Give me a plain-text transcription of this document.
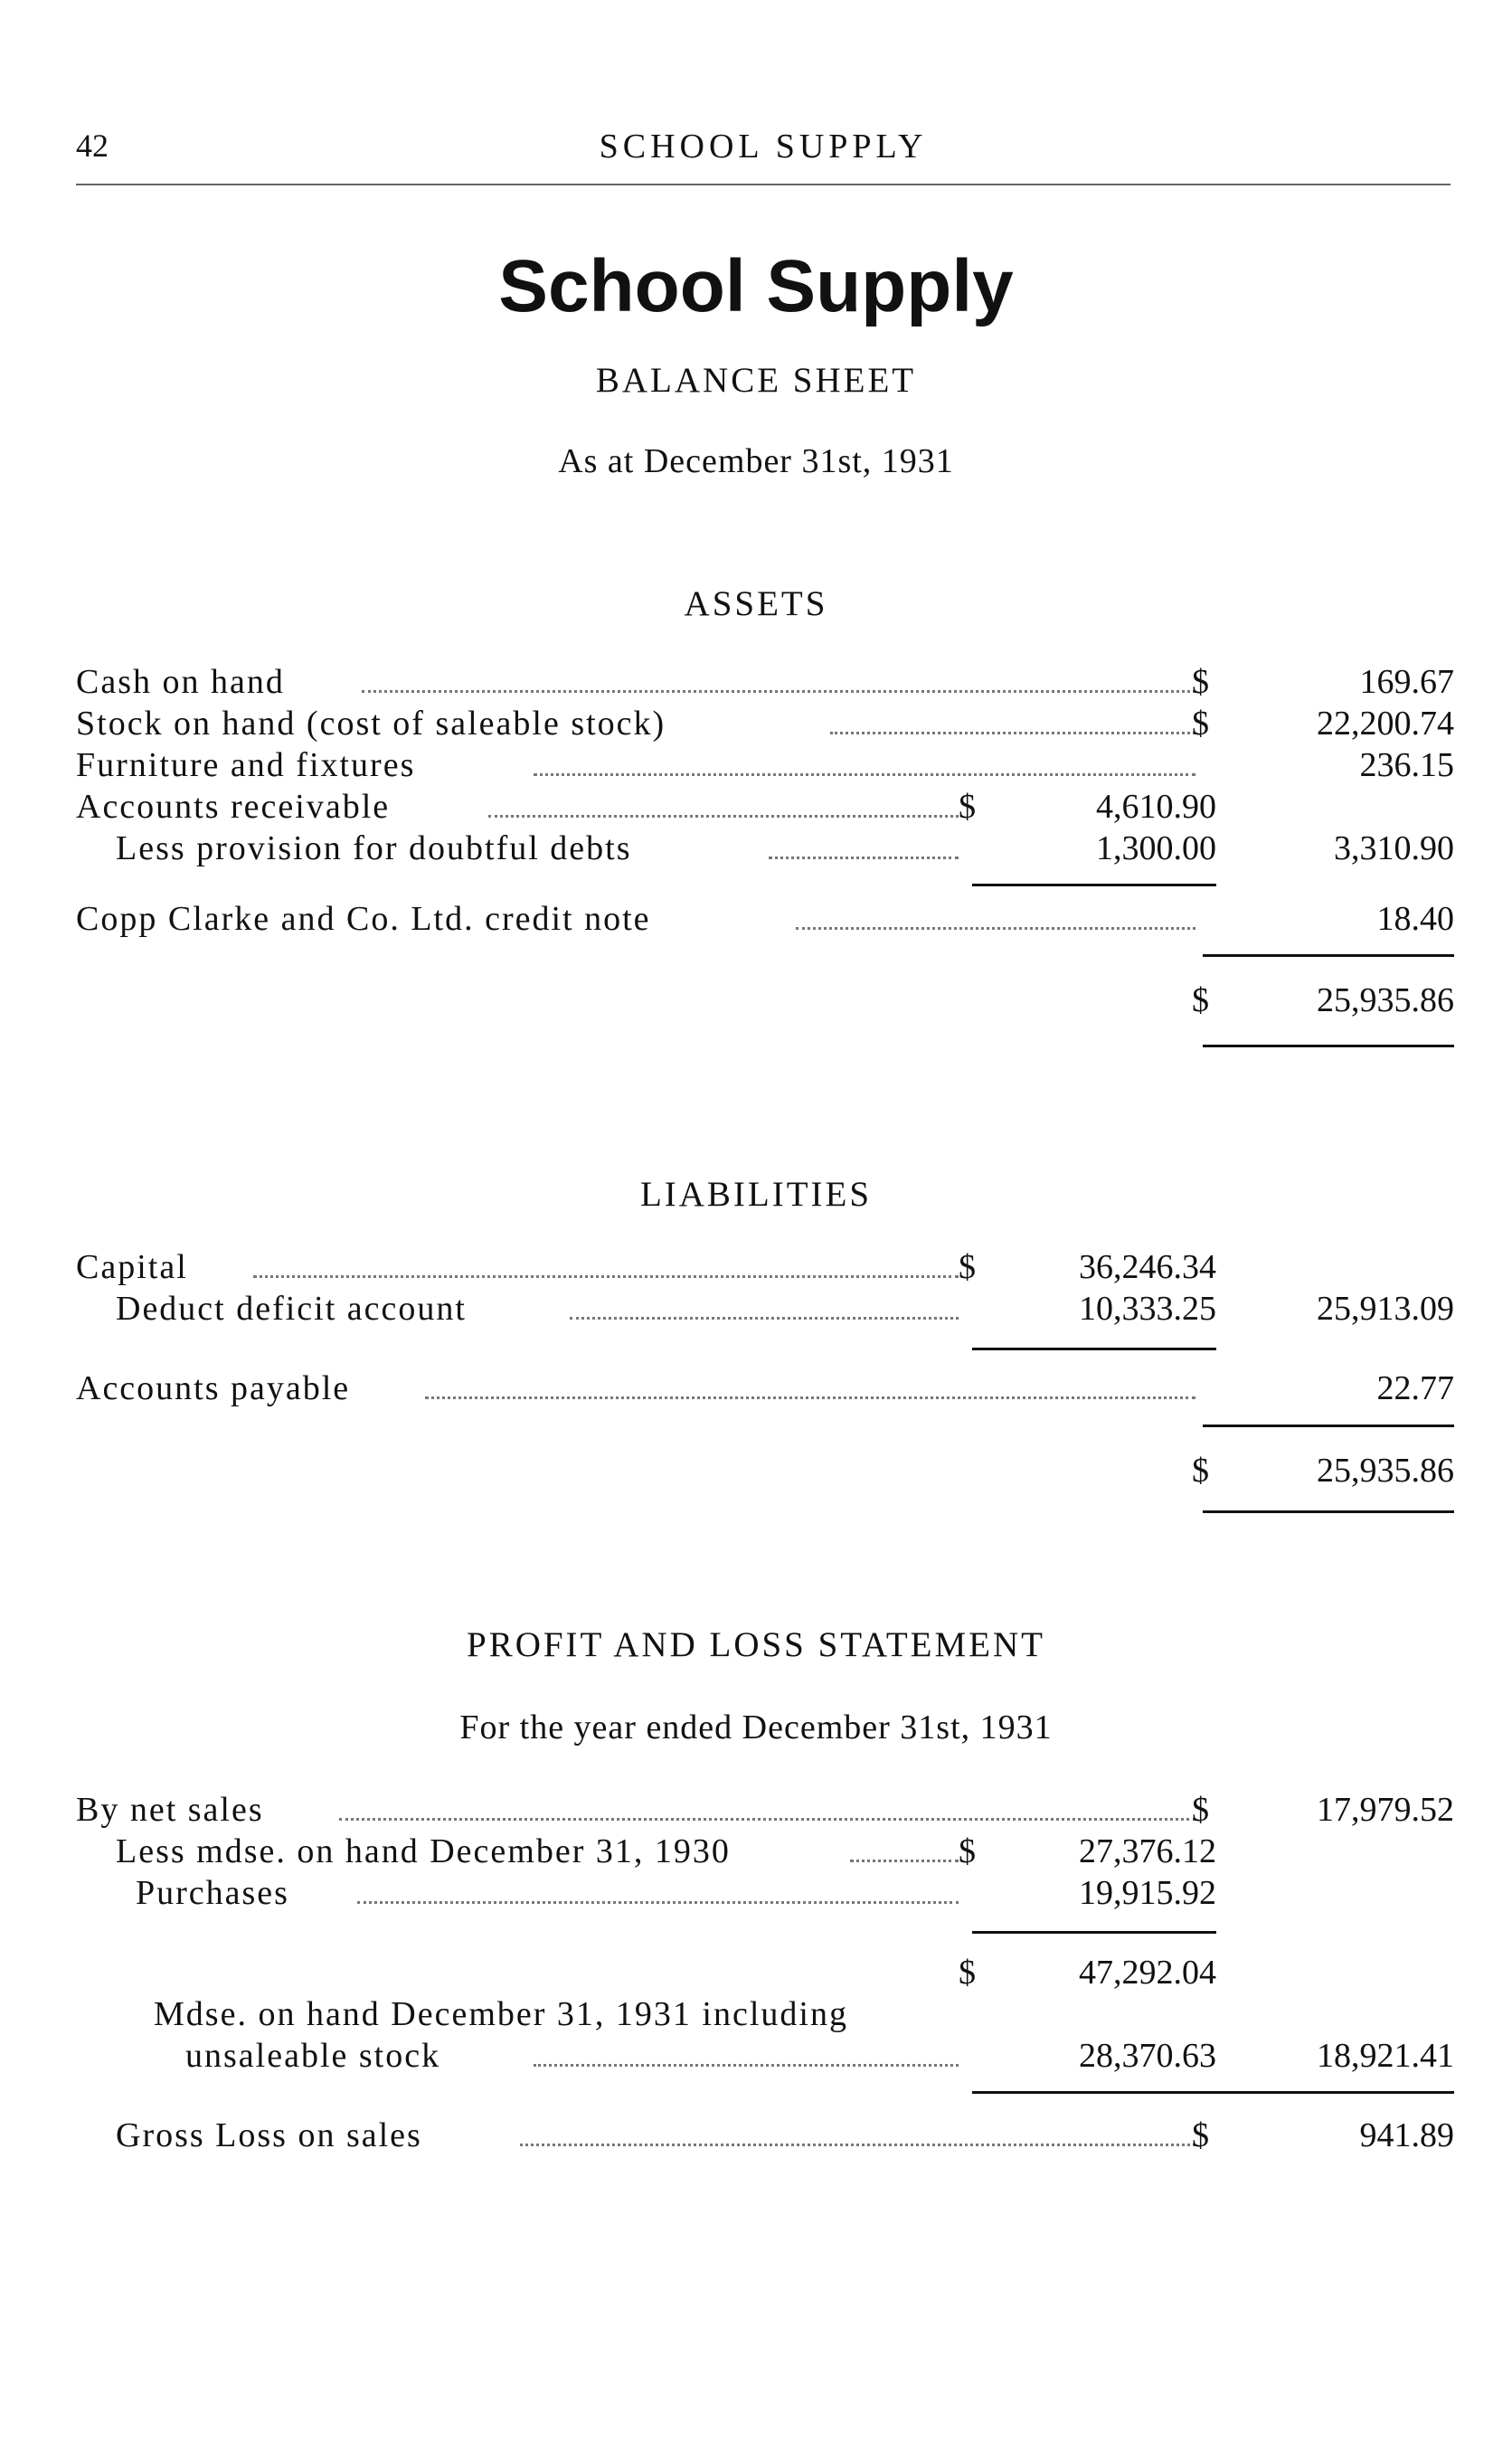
42	SCHOOL SUPPLY
School Supply
BALANCE SHEET
As at December 31st, 1931
ASSETS
Cash on hand	$	169.67
Stock on hand (cost of saleable stock)	$	22,200.74
Furniture and fixtures	236.15
Accounts receivable	$	4,610.90
Less provision for doubtful debts	1,300.00	3,310.90
Copp Clarke and Co. Ltd. credit note	18.40
$	25,935.86
LIABILITIES
Capital	$	36,246.34
Deduct deficit account	10,333.25	25,913.09
Accounts payable	22.77
$	25,935.86
PROFIT AND LOSS STATEMENT
For the year ended December 31st, 1931
By net sales	$	17,979.52
Less mdse. on hand December 31, 1930	$	27,376.12
Purchases	19,915.92
$	47,292.04
Mdse. on hand December 31, 1931 including
unsaleable stock	28,370.63	18,921.41
Gross Loss on sales	$	941.89
